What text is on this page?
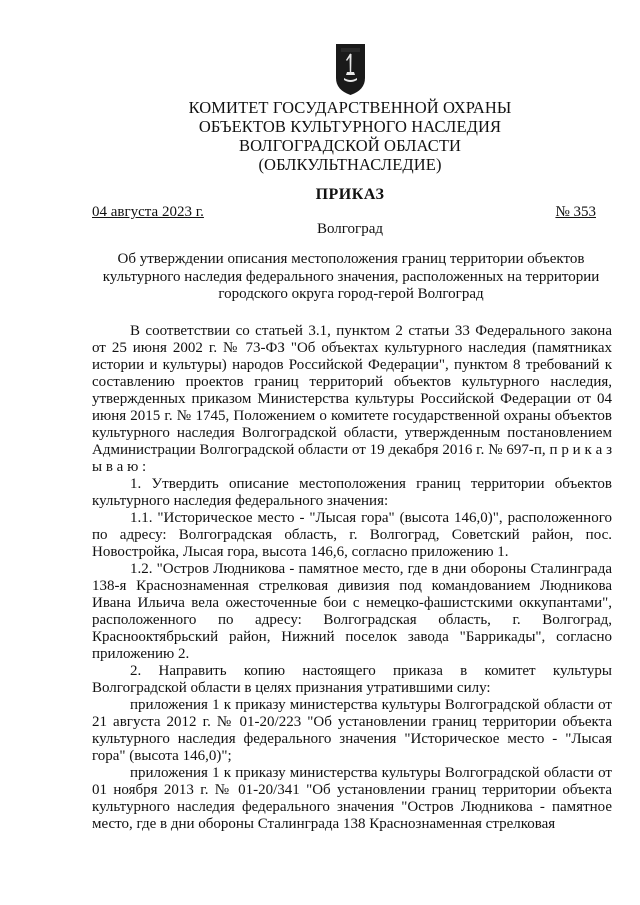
КОМИТЕТ ГОСУДАРСТВЕННОЙ ОХРАНЫ
ОБЪЕКТОВ КУЛЬТУРНОГО НАСЛЕДИЯ
ВОЛГОГРАДСКОЙ ОБЛАСТИ
(ОБЛКУЛЬТНАСЛЕДИЕ)
ПРИКАЗ
04 августа 2023 г.	№ 353
Волгоград
Об утверждении описания местоположения границ территории объектов культурного наследия федерального значения, расположенных на территории городского округа город-герой Волгоград

В соответствии со статьей 3.1, пунктом 2 статьи 33 Федерального закона от 25 июня 2002 г. № 73-ФЗ "Об объектах культурного наследия (памятниках истории и культуры) народов Российской Федерации", пунктом 8 требований к составлению проектов границ территорий объектов культурного наследия, утвержденных приказом Министерства культуры Российской Федерации от 04 июня 2015 г. № 1745, Положением о комитете государственной охраны объектов культурного наследия Волгоградской области, утвержденным постановлением Администрации Волгоградской области от 19 декабря 2016 г. № 697-п, п р и к а з ы в а ю :

1. Утвердить описание местоположения границ территории объектов культурного наследия федерального значения:

1.1. "Историческое место - "Лысая гора" (высота 146,0)", расположенного по адресу: Волгоградская область, г. Волгоград, Советский район, пос. Новостройка, Лысая гора, высота 146,6, согласно приложению 1.

1.2. "Остров Людникова - памятное место, где в дни обороны Сталинграда 138-я Краснознаменная стрелковая дивизия под командованием Людникова Ивана Ильича вела ожесточенные бои с немецко-фашистскими оккупантами", расположенного по адресу: Волгоградская область, г. Волгоград, Краснооктябрьский район, Нижний поселок завода "Баррикады", согласно приложению 2.

2. Направить копию настоящего приказа в комитет культуры Волгоградской области в целях признания утратившими силу:

приложения 1 к приказу министерства культуры Волгоградской области от 21 августа 2012 г. № 01-20/223 "Об установлении границ территории объекта культурного наследия федерального значения "Историческое место - "Лысая гора" (высота 146,0)";

приложения 1 к приказу министерства культуры Волгоградской области от 01 ноября 2013 г. № 01-20/341 "Об установлении границ территории объекта культурного наследия федерального значения "Остров Людникова - памятное место, где в дни обороны Сталинграда 138 Краснознаменная стрелковая
